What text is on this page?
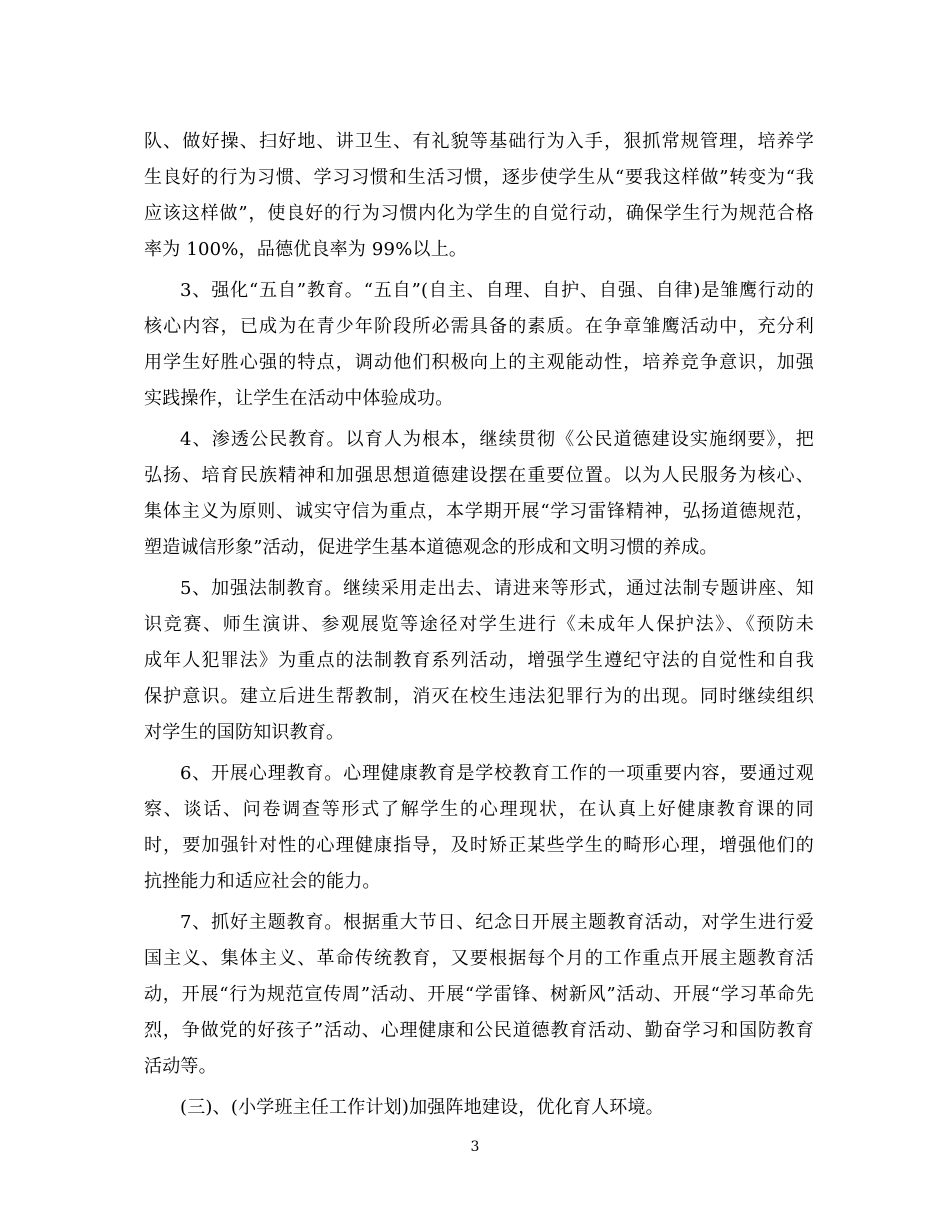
队、做好操、扫好地、讲卫生、有礼貌等基础行为入手，狠抓常规管理，培养学
生良好的行为习惯、学习习惯和生活习惯，逐步使学生从“要我这样做”转变为“我
应该这样做”，使良好的行为习惯内化为学生的自觉行动，确保学生行为规范合格
率为 100%，品德优良率为 99%以上。
3、强化“五自”教育。“五自”(自主、自理、自护、自强、自律)是雏鹰行动的
核心内容，已成为在青少年阶段所必需具备的素质。在争章雏鹰活动中，充分利
用学生好胜心强的特点，调动他们积极向上的主观能动性，培养竞争意识，加强
实践操作，让学生在活动中体验成功。
4、渗透公民教育。以育人为根本，继续贯彻《公民道德建设实施纲要》，把
弘扬、培育民族精神和加强思想道德建设摆在重要位置。以为人民服务为核心、
集体主义为原则、诚实守信为重点，本学期开展“学习雷锋精神，弘扬道德规范，
塑造诚信形象”活动，促进学生基本道德观念的形成和文明习惯的养成。
5、加强法制教育。继续采用走出去、请进来等形式，通过法制专题讲座、知
识竞赛、师生演讲、参观展览等途径对学生进行《未成年人保护法》、《预防未
成年人犯罪法》为重点的法制教育系列活动，增强学生遵纪守法的自觉性和自我
保护意识。建立后进生帮教制，消灭在校生违法犯罪行为的出现。同时继续组织
对学生的国防知识教育。
6、开展心理教育。心理健康教育是学校教育工作的一项重要内容，要通过观
察、谈话、问卷调查等形式了解学生的心理现状，在认真上好健康教育课的同
时，要加强针对性的心理健康指导，及时矫正某些学生的畸形心理，增强他们的
抗挫能力和适应社会的能力。
7、抓好主题教育。根据重大节日、纪念日开展主题教育活动，对学生进行爱
国主义、集体主义、革命传统教育，又要根据每个月的工作重点开展主题教育活
动，开展“行为规范宣传周”活动、开展“学雷锋、树新风”活动、开展“学习革命先
烈，争做党的好孩子”活动、心理健康和公民道德教育活动、勤奋学习和国防教育
活动等。
(三)、(小学班主任工作计划)加强阵地建设，优化育人环境。
3
